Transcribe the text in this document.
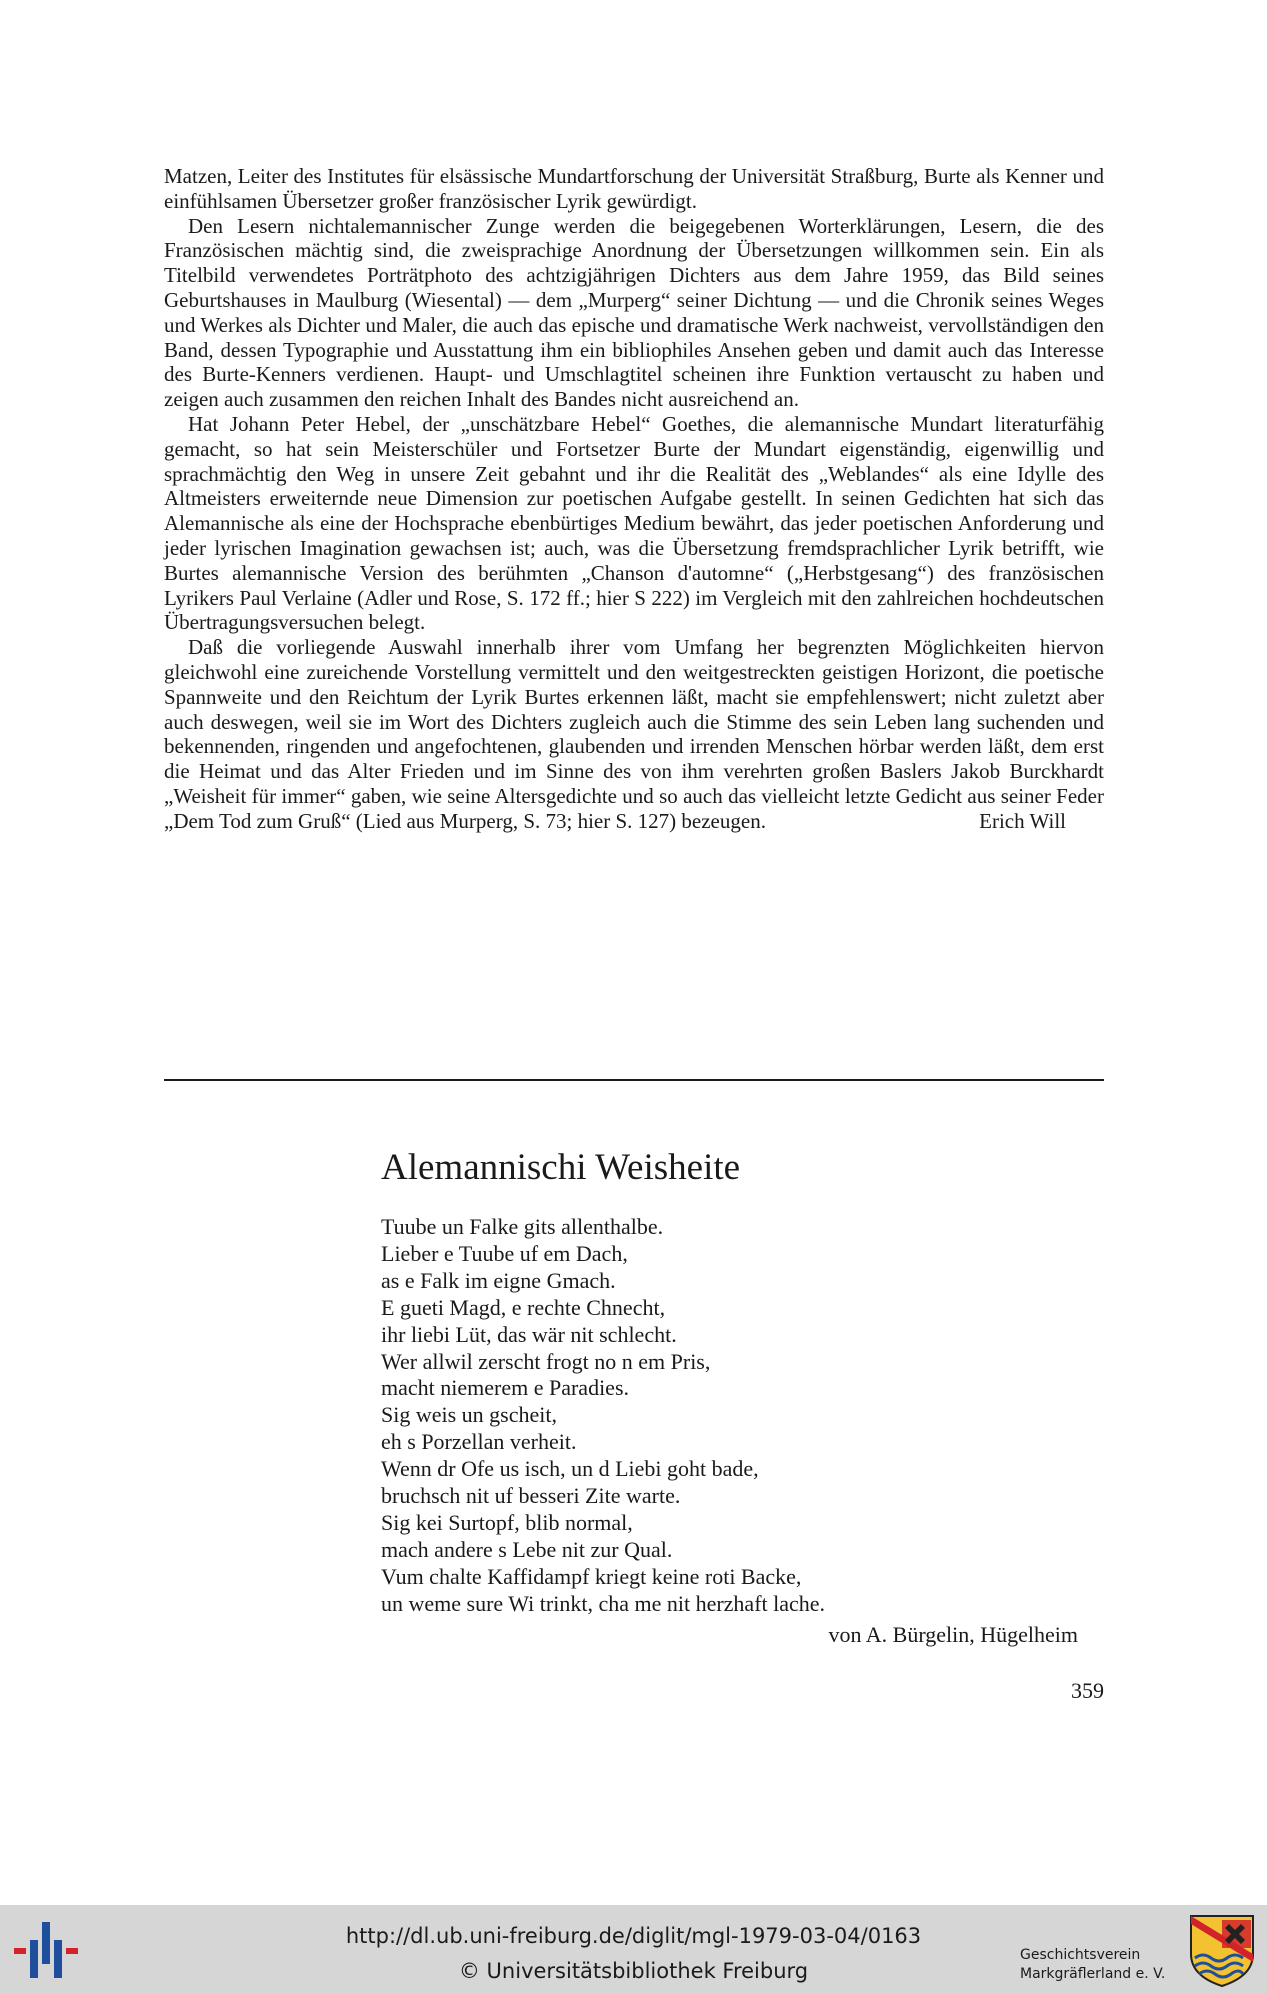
Matzen, Leiter des Institutes für elsässische Mundartforschung der Universität Straßburg, Burte als Kenner und einfühlsamen Übersetzer großer französischer Lyrik gewürdigt.

Den Lesern nichtalemannischer Zunge werden die beigegebenen Worterklärungen, Lesern, die des Französischen mächtig sind, die zweisprachige Anordnung der Übersetzungen willkommen sein. Ein als Titelbild verwendetes Porträtphoto des achtzigjährigen Dichters aus dem Jahre 1959, das Bild seines Geburtshauses in Maulburg (Wiesental) — dem „Murperg“ seiner Dichtung — und die Chronik seines Weges und Werkes als Dichter und Maler, die auch das epische und dramatische Werk nachweist, vervollständigen den Band, dessen Typographie und Ausstattung ihm ein bibliophiles Ansehen geben und damit auch das Interesse des Burte-Kenners verdienen. Haupt- und Umschlagtitel scheinen ihre Funktion vertauscht zu haben und zeigen auch zusammen den reichen Inhalt des Bandes nicht ausreichend an.

Hat Johann Peter Hebel, der „unschätzbare Hebel“ Goethes, die alemannische Mundart literaturfähig gemacht, so hat sein Meisterschüler und Fortsetzer Burte der Mundart eigenständig, eigenwillig und sprachmächtig den Weg in unsere Zeit gebahnt und ihr die Realität des „Weblandes“ als eine Idylle des Altmeisters erweiternde neue Dimension zur poetischen Aufgabe gestellt. In seinen Gedichten hat sich das Alemannische als eine der Hochsprache ebenbürtiges Medium bewährt, das jeder poetischen Anforderung und jeder lyrischen Imagination gewachsen ist; auch, was die Übersetzung fremdsprachlicher Lyrik betrifft, wie Burtes alemannische Version des berühmten „Chanson d'automne“ („Herbstgesang“) des französischen Lyrikers Paul Verlaine (Adler und Rose, S. 172 ff.; hier S 222) im Vergleich mit den zahlreichen hochdeutschen Übertragungsversuchen belegt.

Daß die vorliegende Auswahl innerhalb ihrer vom Umfang her begrenzten Möglichkeiten hiervon gleichwohl eine zureichende Vorstellung vermittelt und den weitgestreckten geistigen Horizont, die poetische Spannweite und den Reichtum der Lyrik Burtes erkennen läßt, macht sie empfehlenswert; nicht zuletzt aber auch deswegen, weil sie im Wort des Dichters zugleich auch die Stimme des sein Leben lang suchenden und bekennenden, ringenden und angefochtenen, glaubenden und irrenden Menschen hörbar werden läßt, dem erst die Heimat und das Alter Frieden und im Sinne des von ihm verehrten großen Baslers Jakob Burckhardt „Weisheit für immer“ gaben, wie seine Altersgedichte und so auch das vielleicht letzte Gedicht aus seiner Feder „Dem Tod zum Gruß“ (Lied aus Murperg, S. 73; hier S. 127) bezeugen.	Erich Will

Alemannischi Weisheite
Tuube un Falke gits allenthalbe.
Lieber e Tuube uf em Dach,
as e Falk im eigne Gmach.
E gueti Magd, e rechte Chnecht,
ihr liebi Lüt, das wär nit schlecht.
Wer allwil zerscht frogt no n em Pris,
macht niemerem e Paradies.
Sig weis un gscheit,
eh s Porzellan verheit.
Wenn dr Ofe us isch, un d Liebi goht bade,
bruchsch nit uf besseri Zite warte.
Sig kei Surtopf, blib normal,
mach andere s Lebe nit zur Qual.
Vum chalte Kaffidampf kriegt keine roti Backe,
un weme sure Wi trinkt, cha me nit herzhaft lache.
von A. Bürgelin, Hügelheim
359
http://dl.ub.uni-freiburg.de/diglit/mgl-1979-03-04/0163
© Universitätsbibliothek Freiburg
Geschichtsverein
Markgräflerland e. V.
